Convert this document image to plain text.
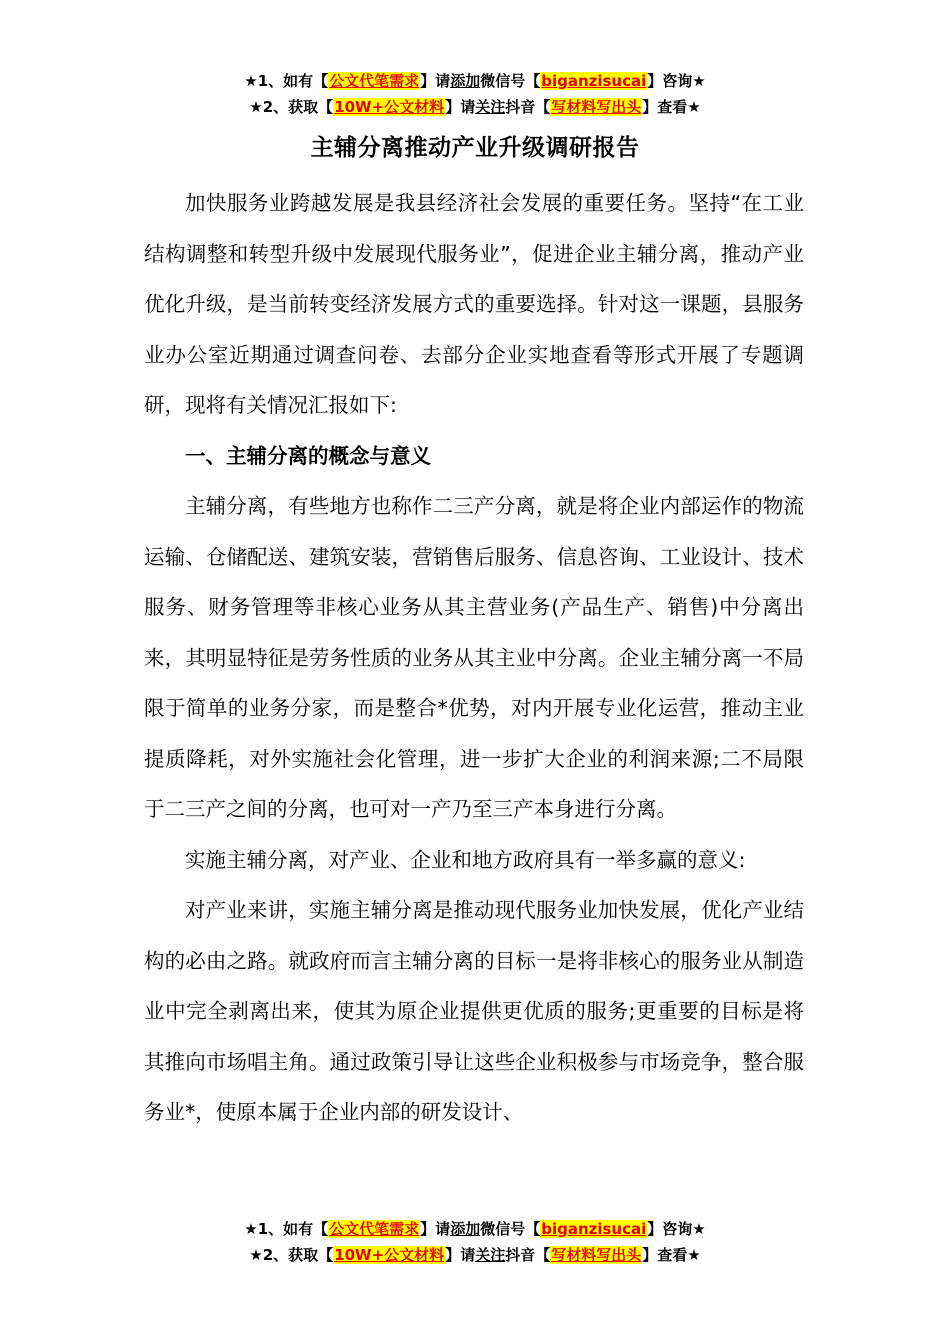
★1、如有【公文代笔需求】请添加微信号【biganzisucai】咨询★
★2、获取【10W+公文材料】请关注抖音【写材料写出头】查看★
主辅分离推动产业升级调研报告

加快服务业跨越发展是我县经济社会发展的重要任务。坚持“在工业结构调整和转型升级中发展现代服务业”，促进企业主辅分离，推动产业优化升级，是当前转变经济发展方式的重要选择。针对这一课题，县服务业办公室近期通过调查问卷、去部分企业实地查看等形式开展了专题调研，现将有关情况汇报如下:

一、主辅分离的概念与意义

主辅分离，有些地方也称作二三产分离，就是将企业内部运作的物流运输、仓储配送、建筑安装，营销售后服务、信息咨询、工业设计、技术服务、财务管理等非核心业务从其主营业务(产品生产、销售)中分离出来，其明显特征是劳务性质的业务从其主业中分离。企业主辅分离一不局限于简单的业务分家，而是整合*优势，对内开展专业化运营，推动主业提质降耗，对外实施社会化管理，进一步扩大企业的利润来源;二不局限于二三产之间的分离，也可对一产乃至三产本身进行分离。

实施主辅分离，对产业、企业和地方政府具有一举多赢的意义:

对产业来讲，实施主辅分离是推动现代服务业加快发展，优化产业结构的必由之路。就政府而言主辅分离的目标一是将非核心的服务业从制造业中完全剥离出来，使其为原企业提供更优质的服务;更重要的目标是将其推向市场唱主角。通过政策引导让这些企业积极参与市场竞争，整合服务业*，使原本属于企业内部的研发设计、

★1、如有【公文代笔需求】请添加微信号【biganzisucai】咨询★
★2、获取【10W+公文材料】请关注抖音【写材料写出头】查看★
